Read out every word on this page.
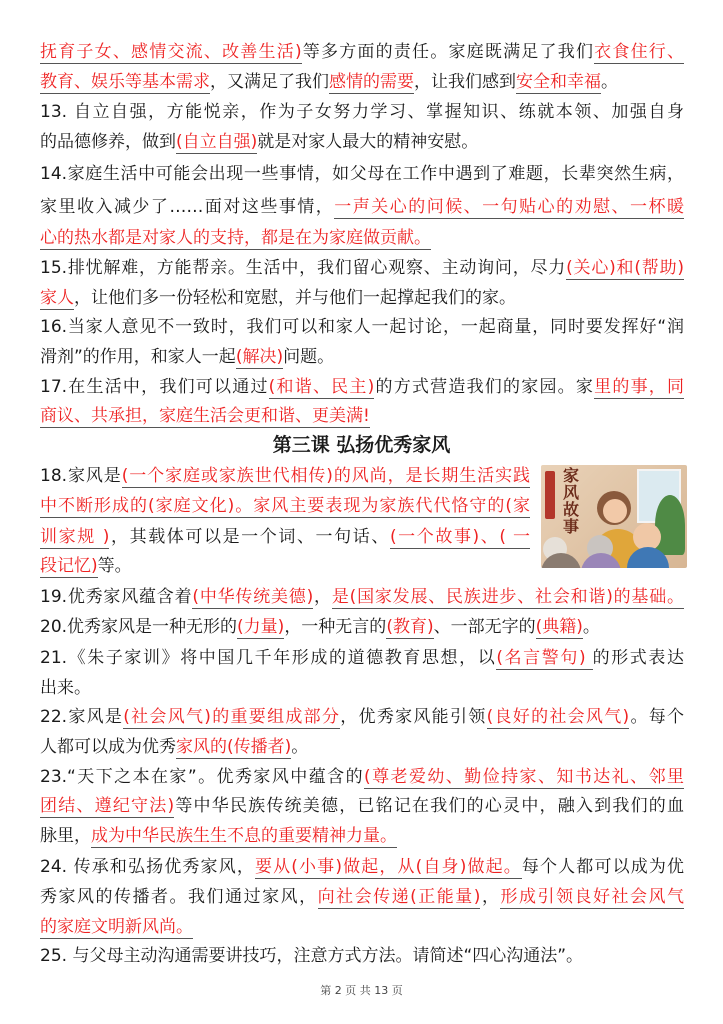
抚育子女、感情交流、改善生活)等多方面的责任。家庭既满足了我们衣食住行、
教育、娱乐等基本需求，又满足了我们感情的需要，让我们感到安全和幸福。
13. 自立自强，方能悦亲，作为子女努力学习、掌握知识、练就本领、加强自身
的品德修养，做到(自立自强)就是对家人最大的精神安慰。
14.家庭生活中可能会出现一些事情，如父母在工作中遇到了难题，长辈突然生病，
家里收入减少了……面对这些事情，一声关心的问候、一句贴心的劝慰、一杯暖
心的热水都是对家人的支持，都是在为家庭做贡献。
15.排忧解难，方能帮亲。生活中，我们留心观察、主动询问，尽力(关心)和(帮助)
家人，让他们多一份轻松和宽慰，并与他们一起撑起我们的家。
16.当家人意见不一致时，我们可以和家人一起讨论，一起商量，同时要发挥好“润
滑剂”的作用，和家人一起(解决)问题。
17.在生活中，我们可以通过(和谐、民主)的方式营造我们的家园。家里的事，同
商议、共承担，家庭生活会更和谐、更美满!
18.家风是(一个家庭或家族世代相传)的风尚，是长期生活实践
中不断形成的(家庭文化)。家风主要表现为家族代代恪守的(家
训家规 )，其载体可以是一个词、一句话、(一个故事)、( 一
段记忆)等。
19.优秀家风蕴含着(中华传统美德)，是(国家发展、民族进步、社会和谐)的基础。
20.优秀家风是一种无形的(力量)，一种无言的(教育)、一部无字的(典籍)。
21.《朱子家训》将中国几千年形成的道德教育思想，以(名言警句) 的形式表达
出来。
22.家风是(社会风气)的重要组成部分，优秀家风能引领(良好的社会风气)。每个
人都可以成为优秀家风的(传播者)。
23.“天下之本在家”。优秀家风中蕴含的(尊老爱幼、勤俭持家、知书达礼、邻里
团结、遵纪守法)等中华民族传统美德，已铭记在我们的心灵中，融入到我们的血
脉里，成为中华民族生生不息的重要精神力量。
24. 传承和弘扬优秀家风，要从(小事)做起，从(自身)做起。每个人都可以成为优
秀家风的传播者。我们通过家风，向社会传递(正能量)，形成引领良好社会风气
的家庭文明新风尚。
25. 与父母主动沟通需要讲技巧，注意方式方法。请简述“四心沟通法”。
第三课 弘扬优秀家风
家风故事
第 2 页 共 13 页
